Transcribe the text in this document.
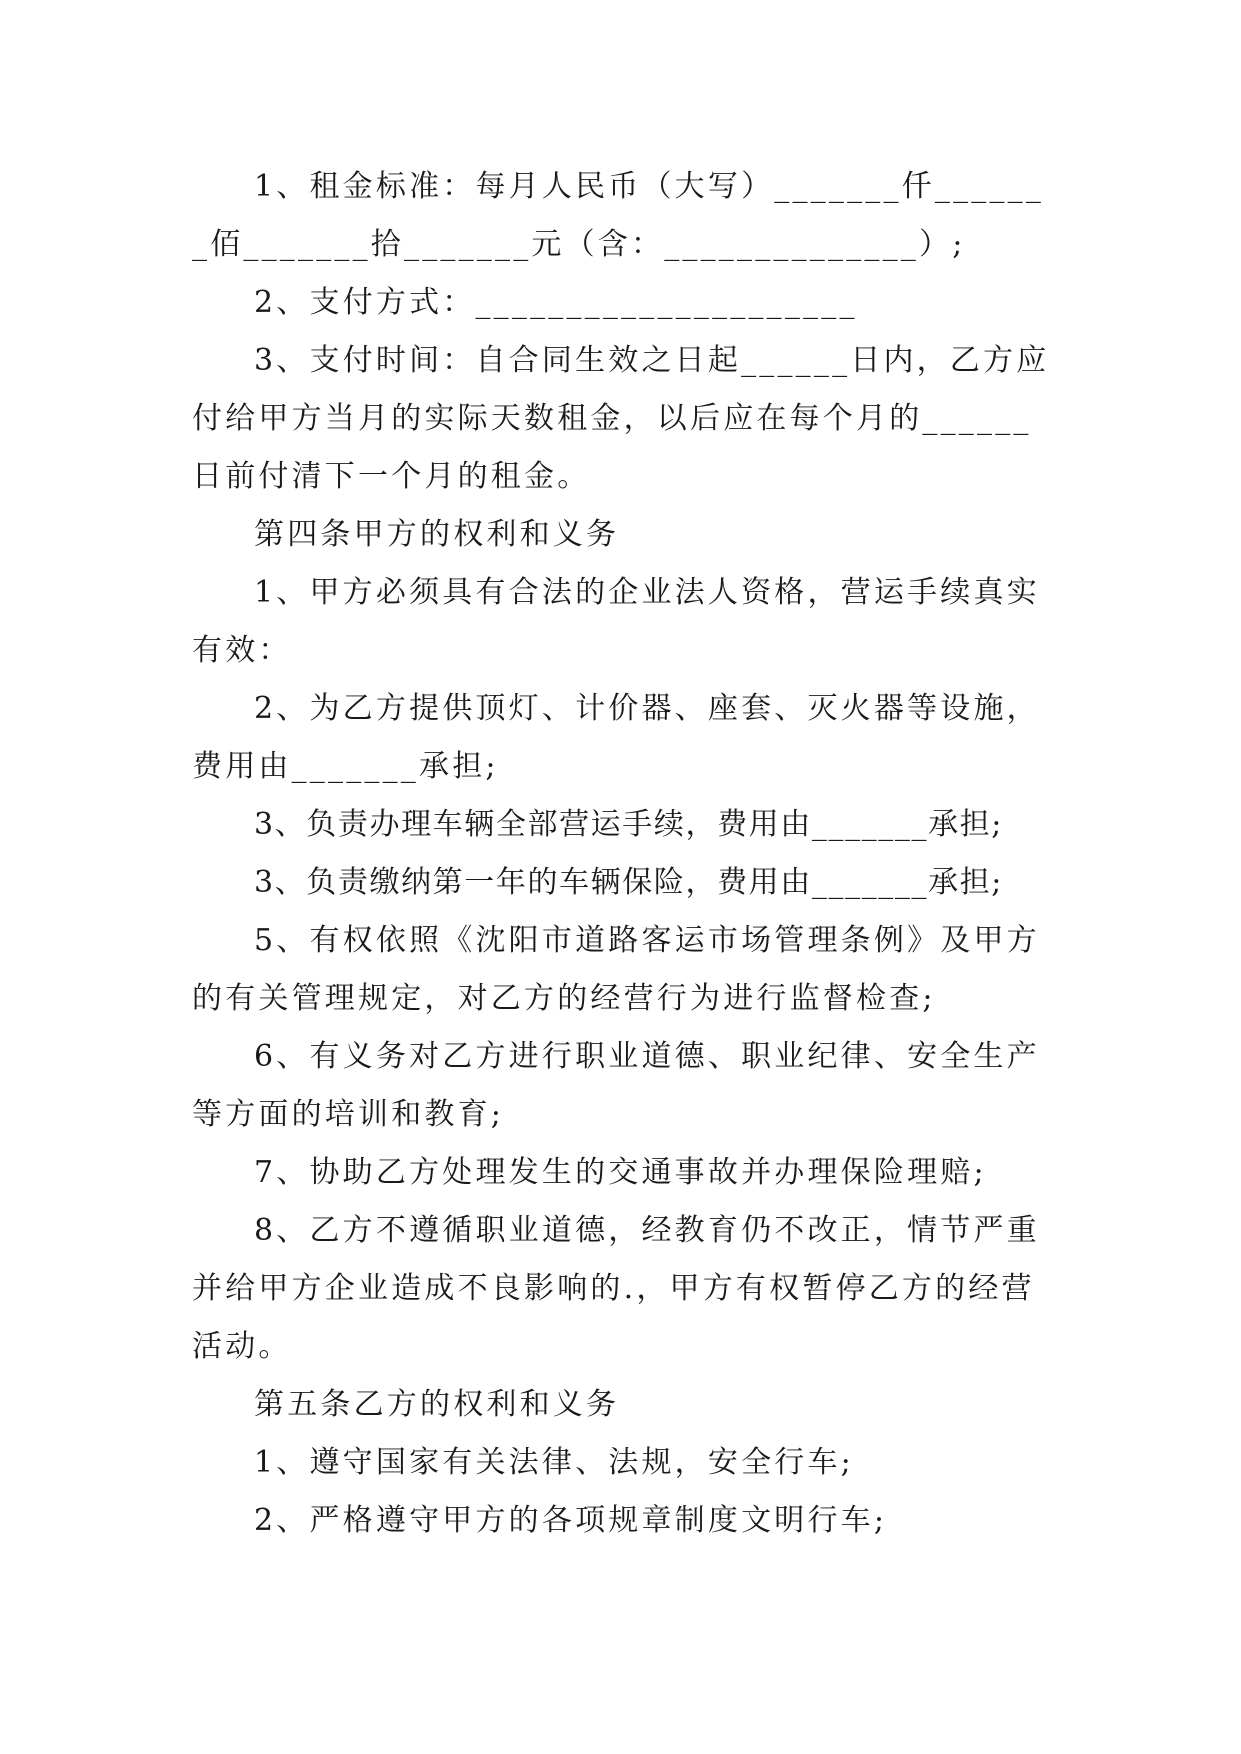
1、租金标准：每月人民币（大写）_______仟_______佰_______拾_______元（含：______________）;

2、支付方式：_____________________

3、支付时间：自合同生效之日起______日内，乙方应付给甲方当月的实际天数租金，以后应在每个月的______日前付清下一个月的租金。

第四条甲方的权利和义务

1、甲方必须具有合法的企业法人资格，营运手续真实有效：

2、为乙方提供顶灯、计价器、座套、灭火器等设施，费用由_______承担;

3、负责办理车辆全部营运手续，费用由_______承担;

3、负责缴纳第一年的车辆保险，费用由_______承担;

5、有权依照《沈阳市道路客运市场管理条例》及甲方的有关管理规定，对乙方的经营行为进行监督检查;

6、有义务对乙方进行职业道德、职业纪律、安全生产等方面的培训和教育;

7、协助乙方处理发生的交通事故并办理保险理赔;

8、乙方不遵循职业道德，经教育仍不改正，情节严重并给甲方企业造成不良影响的.，甲方有权暂停乙方的经营活动。

第五条乙方的权利和义务

1、遵守国家有关法律、法规，安全行车;

2、严格遵守甲方的各项规章制度文明行车;
